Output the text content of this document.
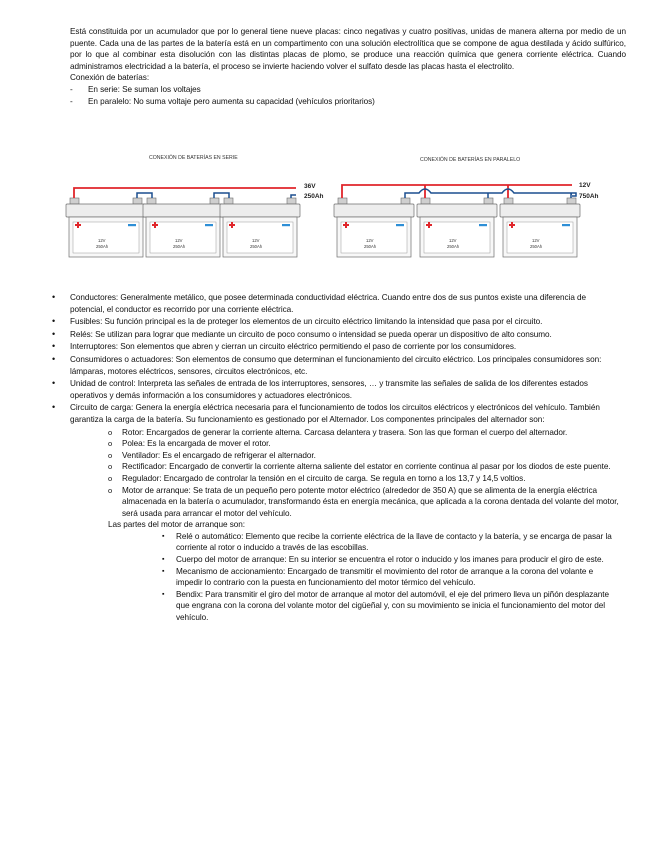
Está constituida por un acumulador que por lo general tiene nueve placas: cinco negativas y cuatro positivas, unidas de manera alterna por medio de un puente. Cada una de las partes de la batería está en un compartimento con una solución electrolítica que se compone de agua destilada y ácido sulfúrico, por lo que al combinar esta disolución con las distintas placas de plomo, se produce una reacción química que genera corriente eléctrica. Cuando administramos electricidad a la batería, el proceso se invierte haciendo volver el sulfato desde las placas hasta el electrolito.

Conexión de baterías:

- En serie: Se suman los voltajes
- En paralelo: No suma voltaje pero aumenta su capacidad (vehículos prioritarios)
CONEXIÓN DE BATERÍAS EN SERIE
36V
250Ah
12V
250Ah
12V
250Ah
12V
250Ah
CONEXIÓN DE BATERÍAS EN PARALELO
12V
750Ah
12V
250Ah
12V
250Ah
12V
250Ah
• Conductores: Generalmente metálico, que posee determinada conductividad eléctrica. Cuando entre dos de sus puntos existe una diferencia de potencial, el conductor es recorrido por una corriente eléctrica.
• Fusibles: Su función principal es la de proteger los elementos de un circuito eléctrico limitando la intensidad que pasa por el circuito.
• Relés: Se utilizan para lograr que mediante un circuito de poco consumo o intensidad se pueda operar un dispositivo de alto consumo.
• Interruptores: Son elementos que abren y cierran un circuito eléctrico permitiendo el paso de corriente por los consumidores.
• Consumidores o actuadores: Son elementos de consumo que determinan el funcionamiento del circuito eléctrico. Los principales consumidores son: lámparas, motores eléctricos, sensores, circuitos electrónicos, etc.
• Unidad de control: Interpreta las señales de entrada de los interruptores, sensores, … y transmite las señales de salida de los diferentes estados operativos y demás información a los consumidores y actuadores electrónicos.
• Circuito de carga: Genera la energía eléctrica necesaria para el funcionamiento de todos los circuitos eléctricos y electrónicos del vehículo. También garantiza la carga de la batería. Su funcionamiento es gestionado por el Alternador. Los componentes principales del alternador son:
o Rotor: Encargados de generar la corriente alterna. Carcasa delantera y trasera. Son las que forman el cuerpo del alternador.
o Polea: Es la encargada de mover el rotor.
o Ventilador: Es el encargado de refrigerar el alternador.
o Rectificador: Encargado de convertir la corriente alterna saliente del estator en corriente continua al pasar por los diodos de este puente.
o Regulador: Encargado de controlar la tensión en el circuito de carga. Se regula en torno a los 13,7 y 14,5 voltios.
o Motor de arranque: Se trata de un pequeño pero potente motor eléctrico (alrededor de 350 A) que se alimenta de la energía eléctrica almacenada en la batería o acumulador, transformando ésta en energía mecánica, que aplicada a la corona dentada del volante del motor, será usada para arrancar el motor del vehículo.
Las partes del motor de arranque son:
▪ Relé o automático: Elemento que recibe la corriente eléctrica de la llave de contacto y la batería, y se encarga de pasar la corriente al rotor o inducido a través de las escobillas.
▪ Cuerpo del motor de arranque: En su interior se encuentra el rotor o inducido y los imanes para producir el giro de este.
▪ Mecanismo de accionamiento: Encargado de transmitir el movimiento del rotor de arranque a la corona del volante e impedir lo contrario con la puesta en funcionamiento del motor térmico del vehículo.
▪ Bendix: Para transmitir el giro del motor de arranque al motor del automóvil, el eje del primero lleva un piñón desplazante que engrana con la corona del volante motor del cigüeñal y, con su movimiento se inicia el funcionamiento del motor del vehículo.
